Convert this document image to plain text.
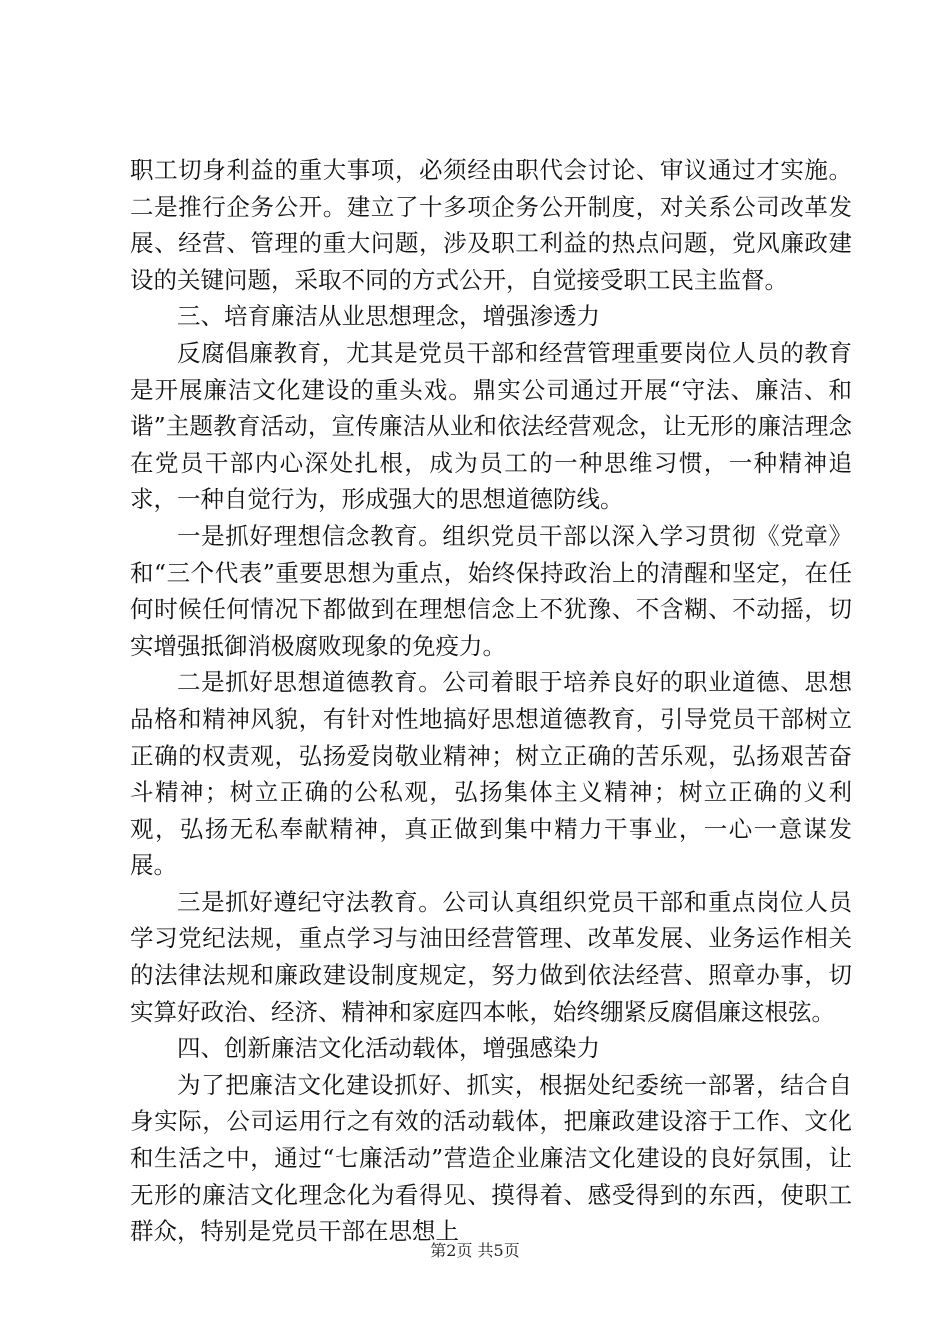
职工切身利益的重大事项，必须经由职代会讨论、审议通过才实施。二是推行企务公开。建立了十多项企务公开制度，对关系公司改革发展、经营、管理的重大问题，涉及职工利益的热点问题，党风廉政建设的关键问题，采取不同的方式公开，自觉接受职工民主监督。

三、培育廉洁从业思想理念，增强渗透力

反腐倡廉教育，尤其是党员干部和经营管理重要岗位人员的教育是开展廉洁文化建设的重头戏。鼎实公司通过开展“守法、廉洁、和谐”主题教育活动，宣传廉洁从业和依法经营观念，让无形的廉洁理念在党员干部内心深处扎根，成为员工的一种思维习惯，一种精神追求，一种自觉行为，形成强大的思想道德防线。

一是抓好理想信念教育。组织党员干部以深入学习贯彻《党章》和“三个代表”重要思想为重点，始终保持政治上的清醒和坚定，在任何时候任何情况下都做到在理想信念上不犹豫、不含糊、不动摇，切实增强抵御消极腐败现象的免疫力。

二是抓好思想道德教育。公司着眼于培养良好的职业道德、思想品格和精神风貌，有针对性地搞好思想道德教育，引导党员干部树立正确的权责观，弘扬爱岗敬业精神；树立正确的苦乐观，弘扬艰苦奋斗精神；树立正确的公私观，弘扬集体主义精神；树立正确的义利观，弘扬无私奉献精神，真正做到集中精力干事业，一心一意谋发展。

三是抓好遵纪守法教育。公司认真组织党员干部和重点岗位人员学习党纪法规，重点学习与油田经营管理、改革发展、业务运作相关的法律法规和廉政建设制度规定，努力做到依法经营、照章办事，切实算好政治、经济、精神和家庭四本帐，始终绷紧反腐倡廉这根弦。

四、创新廉洁文化活动载体，增强感染力

为了把廉洁文化建设抓好、抓实，根据处纪委统一部署，结合自身实际，公司运用行之有效的活动载体，把廉政建设溶于工作、文化和生活之中，通过“七廉活动”营造企业廉洁文化建设的良好氛围，让无形的廉洁文化理念化为看得见、摸得着、感受得到的东西，使职工群众，特别是党员干部在思想上

第2页 共5页
